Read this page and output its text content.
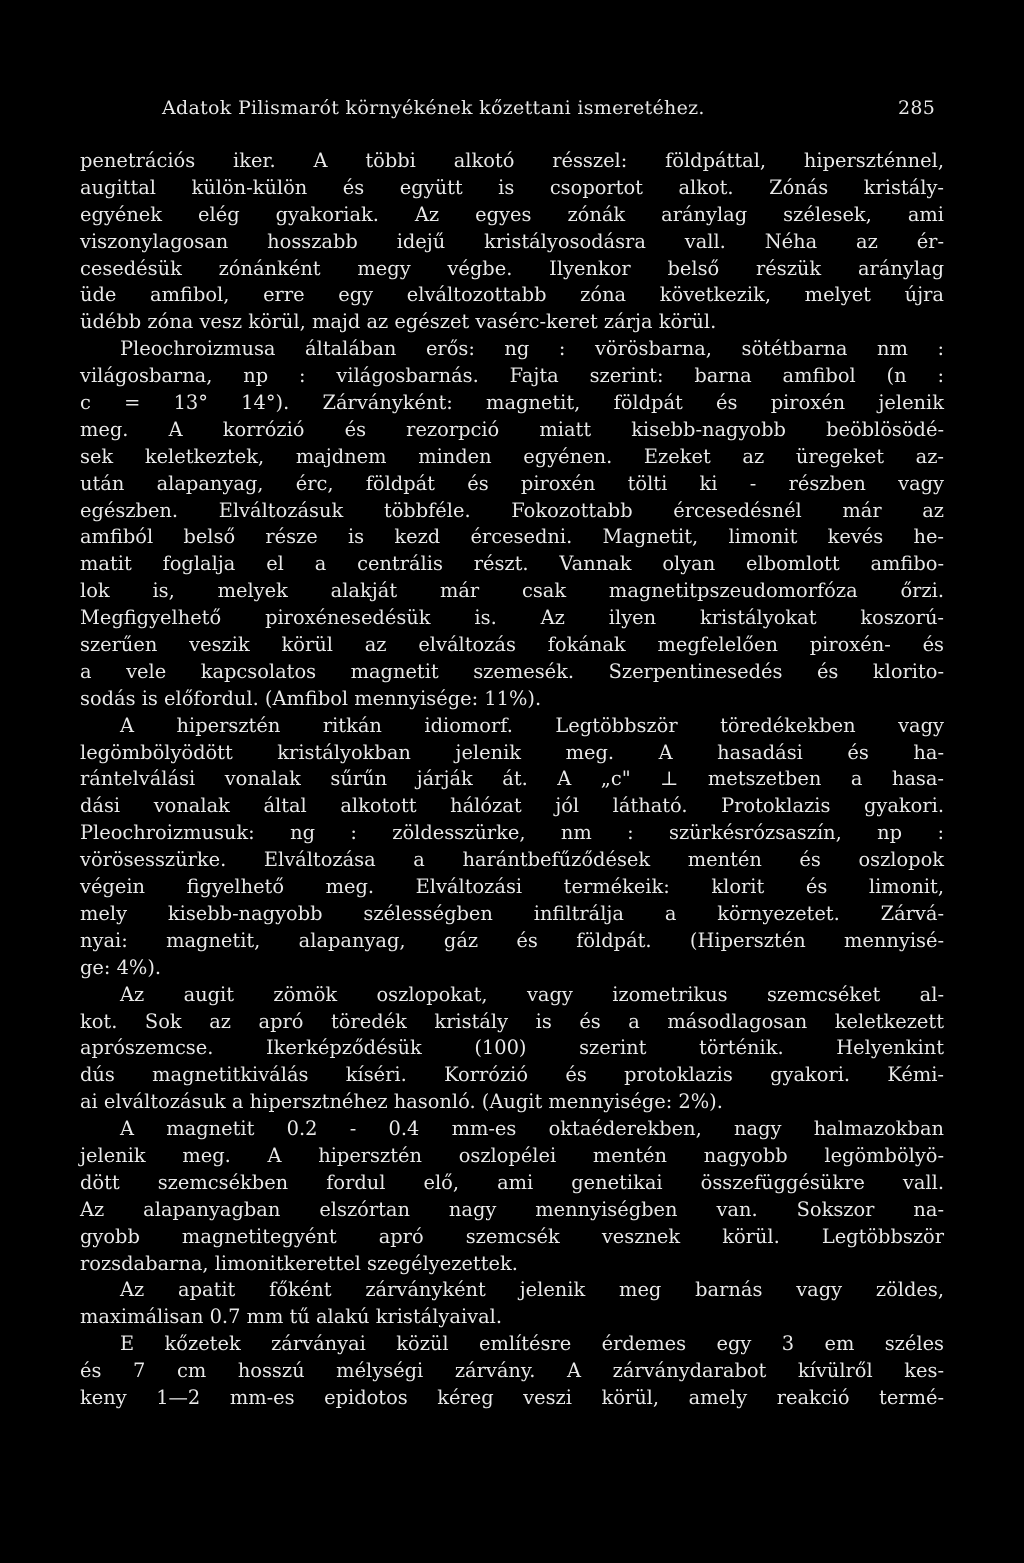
Adatok Pilismarót környékének kőzettani ismeretéhez.	285
penetrációs iker. A többi alkotó résszel: földpáttal, hiperszténnel,
augittal külön-külön és együtt is csoportot alkot. Zónás kristály-
egyének elég gyakoriak. Az egyes zónák aránylag szélesek, ami
viszonylagosan hosszabb idejű kristályosodásra vall. Néha az ér-
cesedésük zónánként megy végbe. Ilyenkor belső részük aránylag
üde amfibol, erre egy elváltozottabb zóna következik, melyet újra
üdébb zóna vesz körül, majd az egészet vasérc-keret zárja körül.
Pleochroizmusa általában erős: ng : vörösbarna, sötétbarna nm :
világosbarna, np : világosbarnás. Fajta szerint: barna amfibol (n :
c = 13° 14°). Zárványként: magnetit, földpát és piroxén jelenik
meg. A korrózió és rezorpció miatt kisebb-nagyobb beöblösödé-
sek keletkeztek, majdnem minden egyénen. Ezeket az üregeket az-
után alapanyag, érc, földpát és piroxén tölti ki - részben vagy
egészben. Elváltozásuk többféle. Fokozottabb ércesedésnél már az
amfiból belső része is kezd ércesedni. Magnetit, limonit kevés he-
matit foglalja el a centrális részt. Vannak olyan elbomlott amfibo-
lok is, melyek alakját már csak magnetitpszeudomorfóza őrzi.
Megfigyelhető piroxénesedésük is. Az ilyen kristályokat koszorú-
szerűen veszik körül az elváltozás fokának megfelelően piroxén- és
a vele kapcsolatos magnetit szemesék. Szerpentinesedés és klorito-
sodás is előfordul. (Amfibol mennyisége: 11%).
A hipersztén ritkán idiomorf. Legtöbbször töredékekben vagy
legömbölyödött kristályokban jelenik meg. A hasadási és ha-
rántelválási vonalak sűrűn járják át. A „c" ⊥ metszetben a hasa-
dási vonalak által alkotott hálózat jól látható. Protoklazis gyakori.
Pleochroizmusuk: ng : zöldesszürke, nm : szürkésrózsaszín, np :
vörösesszürke. Elváltozása a harántbefűződések mentén és oszlopok
végein figyelhető meg. Elváltozási termékeik: klorit és limonit,
mely kisebb-nagyobb szélességben infiltrálja a környezetet. Zárvá-
nyai: magnetit, alapanyag, gáz és földpát. (Hipersztén mennyisé-
ge: 4%).
Az augit zömök oszlopokat, vagy izometrikus szemcséket al-
kot. Sok az apró töredék kristály is és a másodlagosan keletkezett
aprószemcse. Ikerképződésük (100) szerint történik. Helyenkint
dús magnetitkiválás kíséri. Korrózió és protoklazis gyakori. Kémi-
ai elváltozásuk a hipersztnéhez hasonló. (Augit mennyisége: 2%).
A magnetit 0.2 - 0.4 mm-es oktaéderekben, nagy halmazokban
jelenik meg. A hipersztén oszlopélei mentén nagyobb legömbölyö-
dött szemcsékben fordul elő, ami genetikai összefüggésükre vall.
Az alapanyagban elszórtan nagy mennyiségben van. Sokszor na-
gyobb magnetitegyént apró szemcsék vesznek körül. Legtöbbször
rozsdabarna, limonitkerettel szegélyezettek.
Az apatit főként zárványként jelenik meg barnás vagy zöldes,
maximálisan 0.7 mm tű alakú kristályaival.
E kőzetek zárványai közül említésre érdemes egy 3 em széles
és 7 cm hosszú mélységi zárvány. A zárványdarabot kívülről kes-
keny 1—2 mm-es epidotos kéreg veszi körül, amely reakció termé-
